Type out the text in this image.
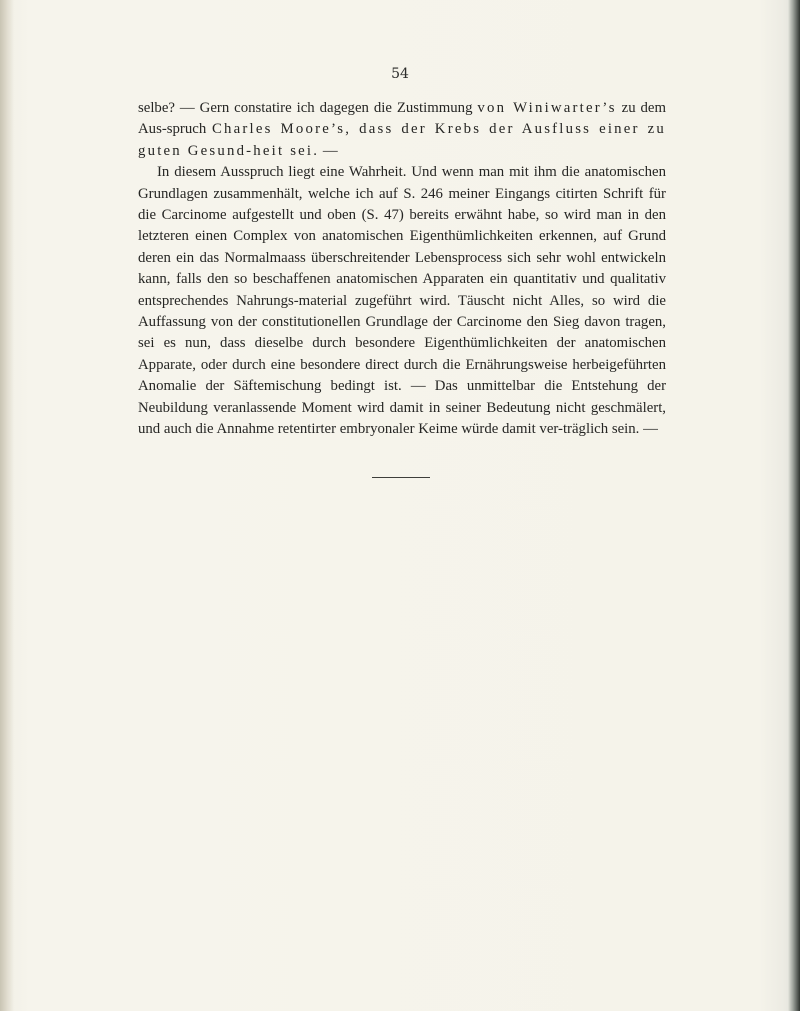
54

selbe? — Gern constatire ich dagegen die Zustimmung von Winiwarter’s zu dem Aus-spruch Charles Moore’s, dass der Krebs der Ausfluss einer zu guten Gesund-heit sei. —

In diesem Ausspruch liegt eine Wahrheit. Und wenn man mit ihm die anatomischen Grundlagen zusammenhält, welche ich auf S. 246 meiner Eingangs citirten Schrift für die Carcinome aufgestellt und oben (S. 47) bereits erwähnt habe, so wird man in den letzteren einen Complex von anatomischen Eigenthümlichkeiten erkennen, auf Grund deren ein das Normalmaass überschreitender Lebensprocess sich sehr wohl entwickeln kann, falls den so beschaffenen anatomischen Apparaten ein quantitativ und qualitativ entsprechendes Nahrungs-material zugeführt wird. Täuscht nicht Alles, so wird die Auffassung von der constitutionellen Grundlage der Carcinome den Sieg davon tragen, sei es nun, dass dieselbe durch besondere Eigenthümlichkeiten der anatomischen Apparate, oder durch eine besondere direct durch die Ernährungsweise herbeigeführten Anomalie der Säftemischung bedingt ist. — Das unmittelbar die Entstehung der Neubildung veranlassende Moment wird damit in seiner Bedeutung nicht geschmälert, und auch die Annahme retentirter embryonaler Keime würde damit ver-träglich sein. —
